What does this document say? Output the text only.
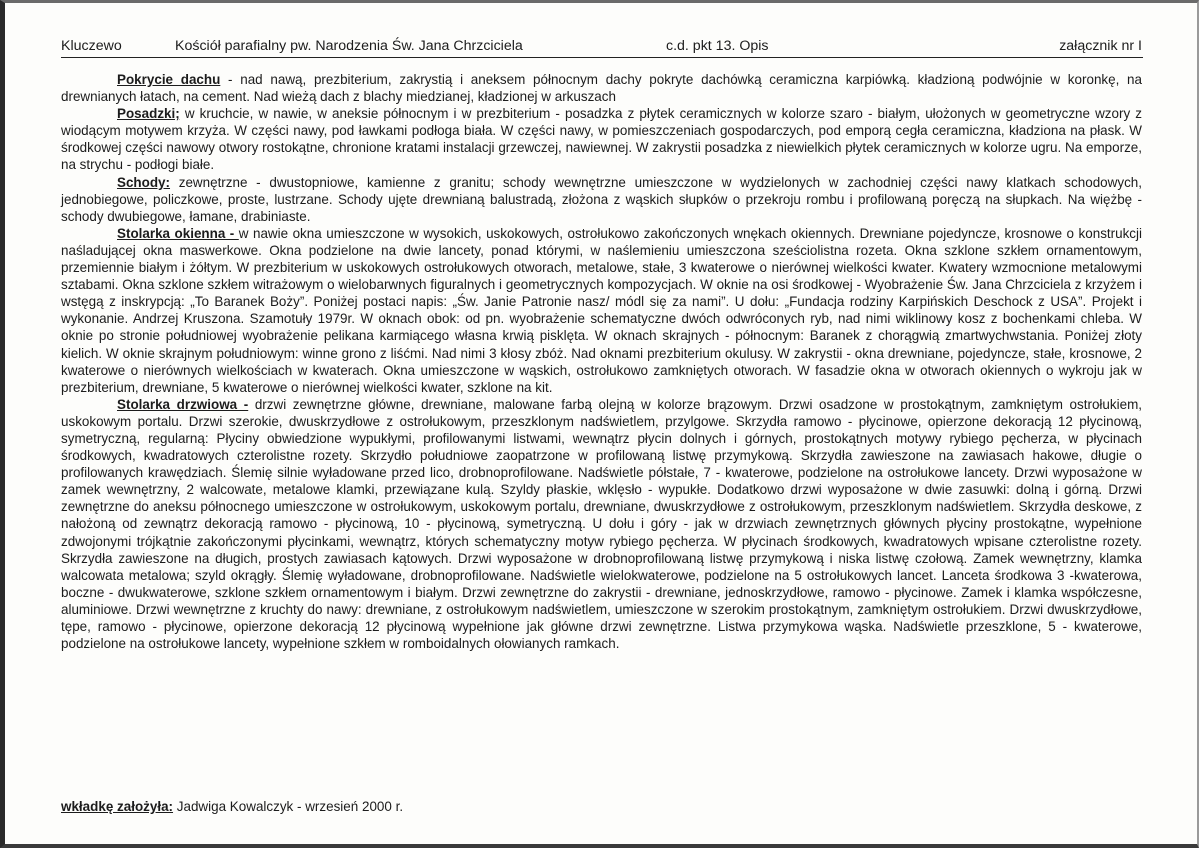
Kluczewo	Kościół parafialny pw. Narodzenia Św. Jana Chrzciciela	c.d. pkt 13. Opis	załącznik nr I

Pokrycie dachu - nad nawą, prezbiterium, zakrystią i aneksem północnym dachy pokryte dachówką ceramiczna karpiówką. kładzioną podwójnie w koronkę, na drewnianych łatach, na cement. Nad wieżą dach z blachy miedzianej, kładzionej w arkuszach

Posadzki; w kruchcie, w nawie, w aneksie północnym i w prezbiterium - posadzka z płytek ceramicznych w kolorze szaro - białym, ułożonych w geometryczne wzory z wiodącym motywem krzyża. W części nawy, pod ławkami podłoga biała. W części nawy, w pomieszczeniach gospodarczych, pod emporą cegła ceramiczna, kładziona na płask. W środkowej części nawowy otwory rostokątne, chronione kratami instalacji grzewczej, nawiewnej. W zakrystii posadzka z niewielkich płytek ceramicznych w kolorze ugru. Na emporze, na strychu - podłogi białe.

Schody: zewnętrzne - dwustopniowe, kamienne z granitu; schody wewnętrzne umieszczone w wydzielonych w zachodniej części nawy klatkach schodowych, jednobiegowe, policzkowe, proste, lustrzane. Schody ujęte drewnianą balustradą, złożona z wąskich słupków o przekroju rombu i profilowaną poręczą na słupkach. Na więżbę - schody dwubiegowe, łamane, drabiniaste.

Stolarka okienna - w nawie okna umieszczone w wysokich, uskokowych, ostrołukowo zakończonych wnękach okiennych. Drewniane pojedyncze, krosnowe o konstrukcji naśladującej okna maswerkowe. Okna podzielone na dwie lancety, ponad którymi, w naślemieniu umieszczona sześciolistna rozeta. Okna szklone szkłem ornamentowym, przemiennie białym i żółtym. W prezbiterium w uskokowych ostrołukowych otworach, metalowe, stałe, 3 kwaterowe o nierównej wielkości kwater. Kwatery wzmocnione metalowymi sztabami. Okna szklone szkłem witrażowym o wielobarwnych figuralnych i geometrycznych kompozycjach. W oknie na osi środkowej - Wyobrażenie Św. Jana Chrzciciela z krzyżem i wstęgą z inskrypcją: „To Baranek Boży”. Poniżej postaci napis: „Św. Janie Patronie nasz/ módl się za nami”. U dołu: „Fundacja rodziny Karpińskich Deschock z USA”. Projekt i wykonanie. Andrzej Kruszona. Szamotuły 1979r. W oknach obok: od pn. wyobrażenie schematyczne dwóch odwróconych ryb, nad nimi wiklinowy kosz z bochenkami chleba. W oknie po stronie południowej wyobrażenie pelikana karmiącego własna krwią pisklęta. W oknach skrajnych - północnym: Baranek z chorągwią zmartwychwstania. Poniżej złoty kielich. W oknie skrajnym południowym: winne grono z liśćmi. Nad nimi 3 kłosy zbóż. Nad oknami prezbiterium okulusy. W zakrystii - okna drewniane, pojedyncze, stałe, krosnowe, 2 kwaterowe o nierównych wielkościach w kwaterach. Okna umieszczone w wąskich, ostrołukowo zamkniętych otworach. W fasadzie okna w otworach okiennych o wykroju jak w prezbiterium, drewniane, 5 kwaterowe o nierównej wielkości kwater, szklone na kit.

Stolarka drzwiowa - drzwi zewnętrzne główne, drewniane, malowane farbą olejną w kolorze brązowym. Drzwi osadzone w prostokątnym, zamkniętym ostrołukiem, uskokowym portalu. Drzwi szerokie, dwuskrzydłowe z ostrołukowym, przeszklonym nadświetlem, przylgowe. Skrzydła ramowo - płycinowe, opierzone dekoracją 12 płycinową, symetryczną, regularną: Płyciny obwiedzione wypukłymi, profilowanymi listwami, wewnątrz płycin dolnych i górnych, prostokątnych motywy rybiego pęcherza, w płycinach środkowych, kwadratowych czterolistne rozety. Skrzydło południowe zaopatrzone w profilowaną listwę przymykową. Skrzydła zawieszone na zawiasach hakowe, długie o profilowanych krawędziach. Ślemię silnie wyładowane przed lico, drobnoprofilowane. Nadświetle półstałe, 7 - kwaterowe, podzielone na ostrołukowe lancety. Drzwi wyposażone w zamek wewnętrzny, 2 walcowate, metalowe klamki, przewiązane kulą. Szyldy płaskie, wklęsło - wypukłe. Dodatkowo drzwi wyposażone w dwie zasuwki: dolną i górną. Drzwi zewnętrzne do aneksu północnego umieszczone w ostrołukowym, uskokowym portalu, drewniane, dwuskrzydłowe z ostrołukowym, przeszklonym nadświetlem. Skrzydła deskowe, z nałożoną od zewnątrz dekoracją ramowo - płycinową, 10 - płycinową, symetryczną. U dołu i góry - jak w drzwiach zewnętrznych głównych płyciny prostokątne, wypełnione zdwojonymi trójkątnie zakończonymi płycinkami, wewnątrz, których schematyczny motyw rybiego pęcherza. W płycinach środkowych, kwadratowych wpisane czterolistne rozety. Skrzydła zawieszone na długich, prostych zawiasach kątowych. Drzwi wyposażone w drobnoprofilowaną listwę przymykową i niska listwę czołową. Zamek wewnętrzny, klamka walcowata metalowa; szyld okrągły. Ślemię wyładowane, drobnoprofilowane. Nadświetle wielokwaterowe, podzielone na 5 ostrołukowych lancet. Lanceta środkowa 3 -kwaterowa, boczne - dwukwaterowe, szklone szkłem ornamentowym i białym. Drzwi zewnętrzne do zakrystii - drewniane, jednoskrzydłowe, ramowo - płycinowe. Zamek i klamka współczesne, aluminiowe. Drzwi wewnętrzne z kruchty do nawy: drewniane, z ostrołukowym nadświetlem, umieszczone w szerokim prostokątnym, zamkniętym ostrołukiem. Drzwi dwuskrzydłowe, tępe, ramowo - płycinowe, opierzone dekoracją 12 płycinową wypełnione jak główne drzwi zewnętrzne. Listwa przymykowa wąska. Nadświetle przeszklone, 5 - kwaterowe, podzielone na ostrołukowe lancety, wypełnione szkłem w romboidalnych ołowianych ramkach.

wkładkę założyła: Jadwiga Kowalczyk - wrzesień 2000 r.
